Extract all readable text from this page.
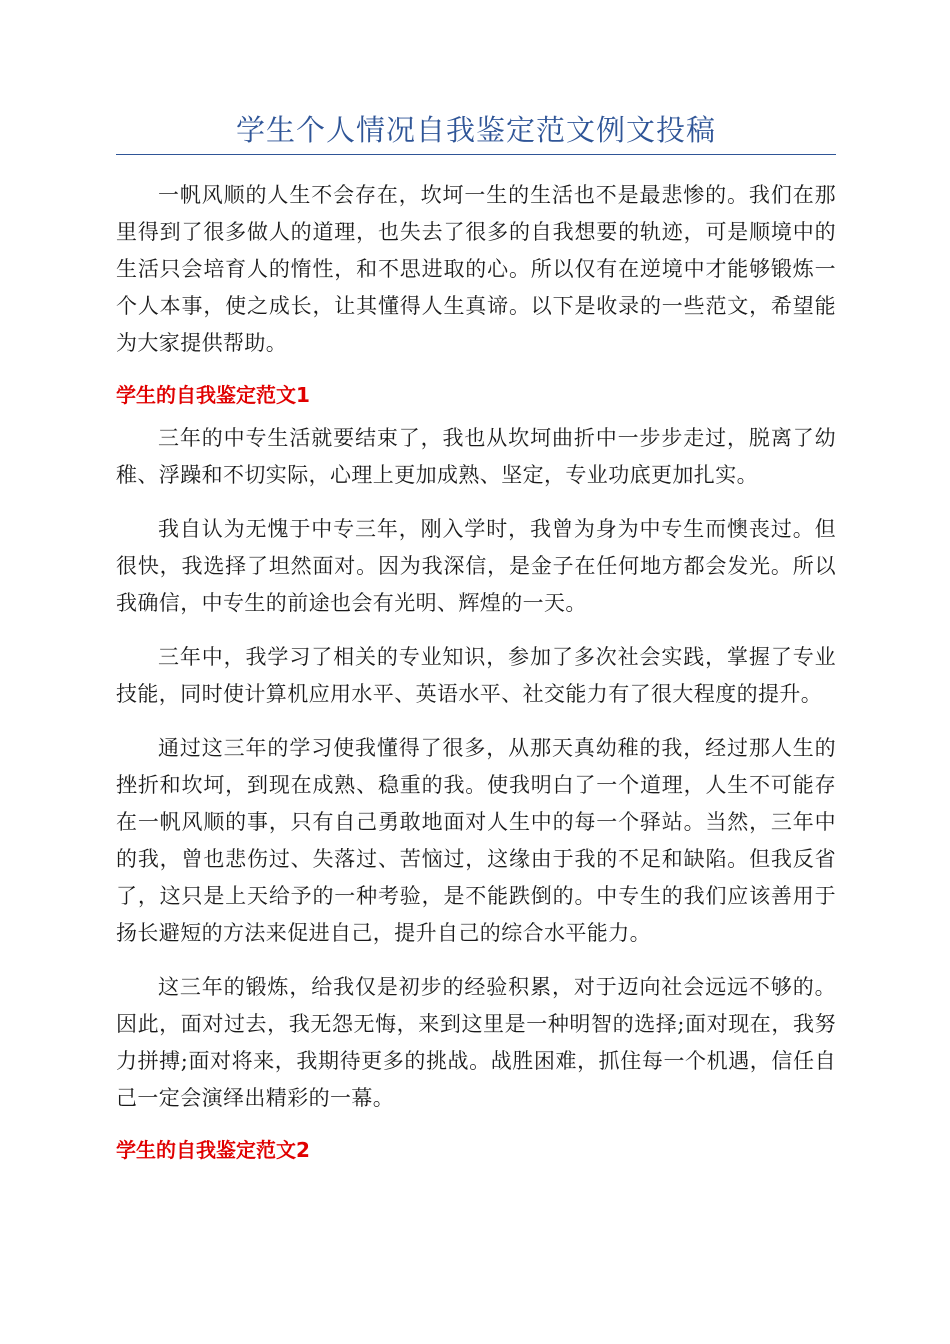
学生个人情况自我鉴定范文例文投稿

一帆风顺的人生不会存在，坎坷一生的生活也不是最悲惨的。我们在那里得到了很多做人的道理，也失去了很多的自我想要的轨迹，可是顺境中的生活只会培育人的惰性，和不思进取的心。所以仅有在逆境中才能够锻炼一个人本事，使之成长，让其懂得人生真谛。以下是收录的一些范文，希望能为大家提供帮助。

学生的自我鉴定范文1

三年的中专生活就要结束了，我也从坎坷曲折中一步步走过，脱离了幼稚、浮躁和不切实际，心理上更加成熟、坚定，专业功底更加扎实。

我自认为无愧于中专三年，刚入学时，我曾为身为中专生而懊丧过。但很快，我选择了坦然面对。因为我深信，是金子在任何地方都会发光。所以我确信，中专生的前途也会有光明、辉煌的一天。

三年中，我学习了相关的专业知识，参加了多次社会实践，掌握了专业技能，同时使计算机应用水平、英语水平、社交能力有了很大程度的提升。

通过这三年的学习使我懂得了很多，从那天真幼稚的我，经过那人生的挫折和坎坷，到现在成熟、稳重的我。使我明白了一个道理，人生不可能存在一帆风顺的事，只有自己勇敢地面对人生中的每一个驿站。当然，三年中的我，曾也悲伤过、失落过、苦恼过，这缘由于我的不足和缺陷。但我反省了，这只是上天给予的一种考验，是不能跌倒的。中专生的我们应该善用于扬长避短的方法来促进自己，提升自己的综合水平能力。

这三年的锻炼，给我仅是初步的经验积累，对于迈向社会远远不够的。因此，面对过去，我无怨无悔，来到这里是一种明智的选择;面对现在，我努力拼搏;面对将来，我期待更多的挑战。战胜困难，抓住每一个机遇，信任自己一定会演绎出精彩的一幕。

学生的自我鉴定范文2
